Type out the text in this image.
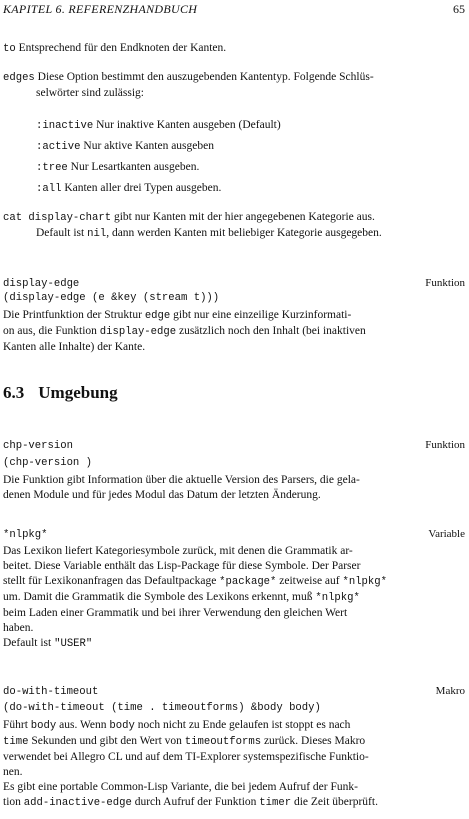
KAPITEL 6. REFERENZHANDBUCH	65
to Entsprechend für den Endknoten der Kanten.
edges Diese Option bestimmt den auszugebenden Kantentyp. Folgende Schlüs-
selwörter sind zulässig:
:inactive Nur inaktive Kanten ausgeben (Default)
:active Nur aktive Kanten ausgeben
:tree Nur Lesartkanten ausgeben.
:all Kanten aller drei Typen ausgeben.
cat display-chart gibt nur Kanten mit der hier angegebenen Kategorie aus.
Default ist nil, dann werden Kanten mit beliebiger Kategorie ausgegeben.
display-edge	Funktion
(display-edge (e &key (stream t)))
Die Printfunktion der Struktur edge gibt nur eine einzeilige Kurzinformati-
on aus, die Funktion display-edge zusätzlich noch den Inhalt (bei inaktiven
Kanten alle Inhalte) der Kante.
6.3 Umgebung
chp-version	Funktion
(chp-version )
Die Funktion gibt Information über die aktuelle Version des Parsers, die gela-
denen Module und für jedes Modul das Datum der letzten Änderung.
*nlpkg*	Variable
Das Lexikon liefert Kategoriesymbole zurück, mit denen die Grammatik ar-
beitet. Diese Variable enthält das Lisp-Package für diese Symbole. Der Parser
stellt für Lexikonanfragen das Defaultpackage *package* zeitweise auf *nlpkg*
um. Damit die Grammatik die Symbole des Lexikons erkennt, muß *nlpkg*
beim Laden einer Grammatik und bei ihrer Verwendung den gleichen Wert
haben.
Default ist "USER"
do-with-timeout	Makro
(do-with-timeout (time . timeoutforms) &body body)
Führt body aus. Wenn body noch nicht zu Ende gelaufen ist stoppt es nach
time Sekunden und gibt den Wert von timeoutforms zurück. Dieses Makro
verwendet bei Allegro CL und auf dem TI-Explorer systemspezifische Funktio-
nen.
Es gibt eine portable Common-Lisp Variante, die bei jedem Aufruf der Funk-
tion add-inactive-edge durch Aufruf der Funktion timer die Zeit überprüft.
